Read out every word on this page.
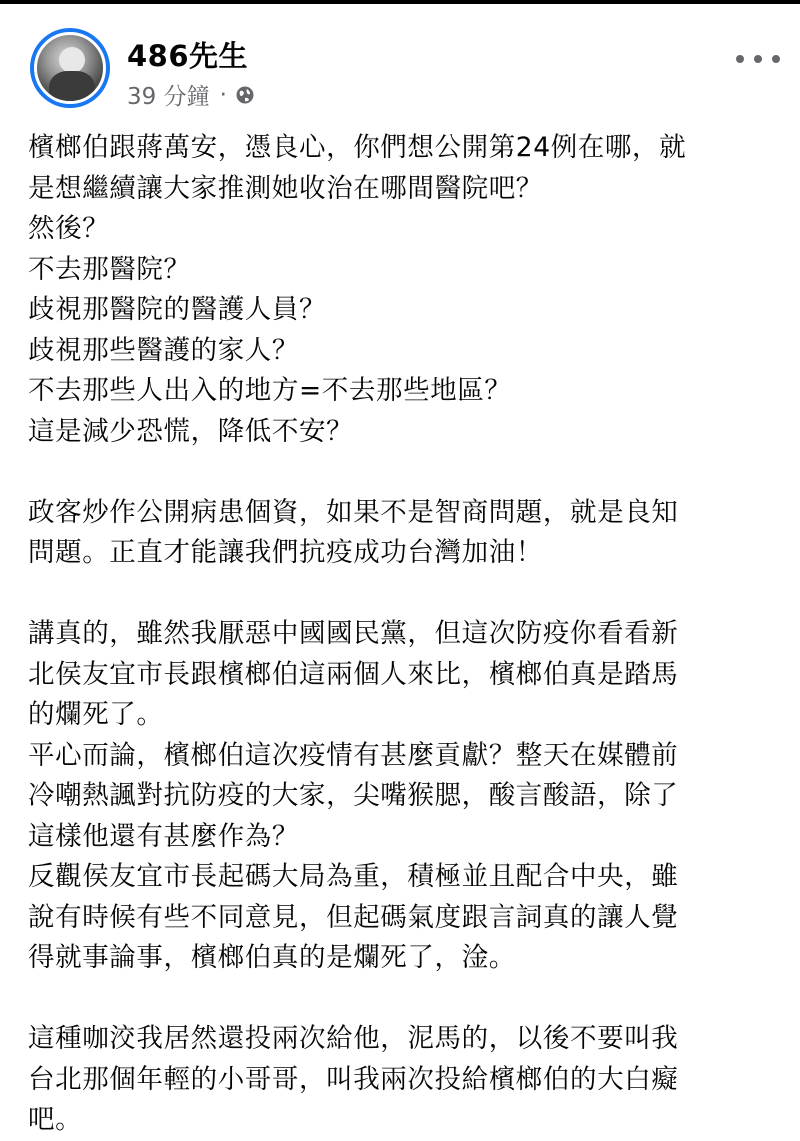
486先生
39 分鐘 ·
檳榔伯跟蔣萬安，憑良心，你們想公開第24例在哪，就
是想繼續讓大家推測她收治在哪間醫院吧？
然後？
不去那醫院？
歧視那醫院的醫護人員？
歧視那些醫護的家人？
不去那些人出入的地方=不去那些地區？
這是減少恐慌，降低不安？
政客炒作公開病患個資，如果不是智商問題，就是良知
問題。正直才能讓我們抗疫成功台灣加油！
講真的，雖然我厭惡中國國民黨，但這次防疫你看看新
北侯友宜市長跟檳榔伯這兩個人來比，檳榔伯真是踏馬
的爛死了。
平心而論，檳榔伯這次疫情有甚麼貢獻？整天在媒體前
冷嘲熱諷對抗防疫的大家，尖嘴猴腮，酸言酸語，除了
這樣他還有甚麼作為？
反觀侯友宜市長起碼大局為重，積極並且配合中央，雖
說有時候有些不同意見，但起碼氣度跟言詞真的讓人覺
得就事論事，檳榔伯真的是爛死了，淦。
這種咖洨我居然還投兩次給他，泥馬的，以後不要叫我
台北那個年輕的小哥哥，叫我兩次投給檳榔伯的大白癡
吧。
